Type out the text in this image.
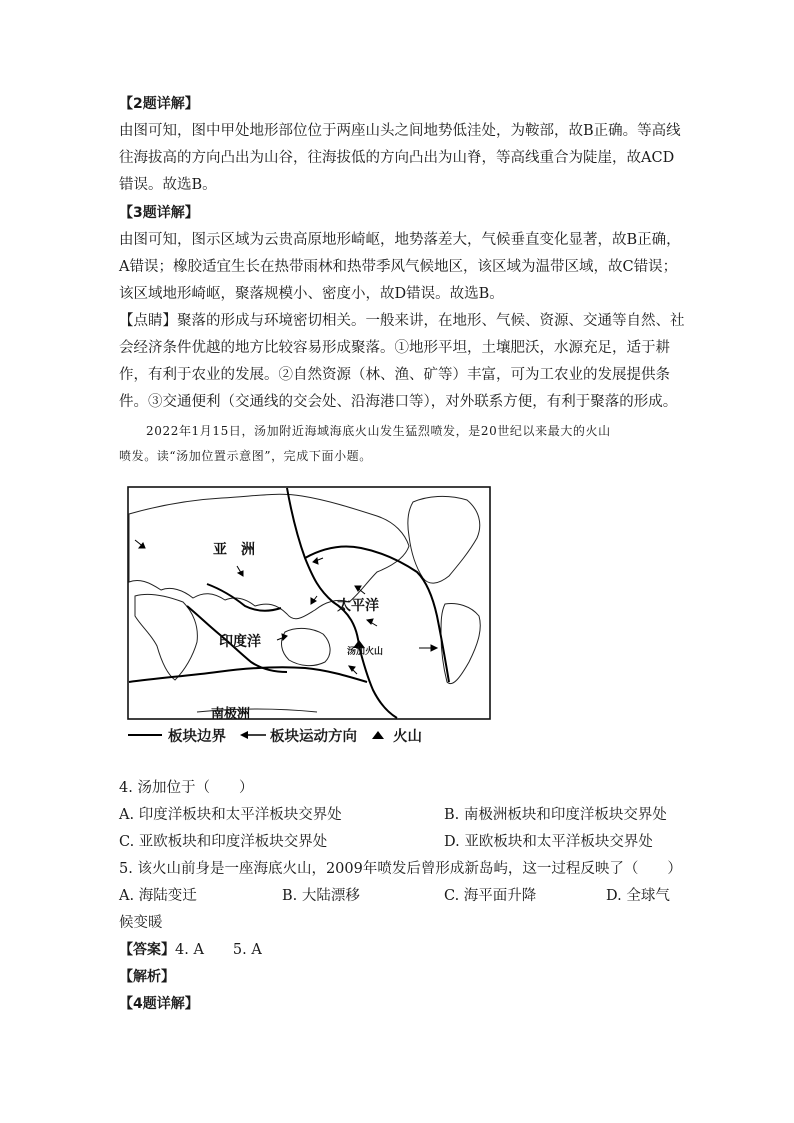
【2题详解】
由图可知，图中甲处地形部位位于两座山头之间地势低洼处，为鞍部，故B正确。等高线
往海拔高的方向凸出为山谷，往海拔低的方向凸出为山脊，等高线重合为陡崖，故ACD
错误。故选B。
【3题详解】
由图可知，图示区域为云贵高原地形崎岖，地势落差大，气候垂直变化显著，故B正确，
A错误；橡胶适宜生长在热带雨林和热带季风气候地区，该区域为温带区域，故C错误；
该区域地形崎岖，聚落规模小、密度小，故D错误。故选B。
【点睛】聚落的形成与环境密切相关。一般来讲，在地形、气候、资源、交通等自然、社
会经济条件优越的地方比较容易形成聚落。①地形平坦，土壤肥沃，水源充足，适于耕
作，有利于农业的发展。②自然资源（林、渔、矿等）丰富，可为工农业的发展提供条
件。③交通便利（交通线的交会处、沿海港口等），对外联系方便，有利于聚落的形成。
2022年1月15日，汤加附近海域海底火山发生猛烈喷发，是20世纪以来最大的火山
喷发。读“汤加位置示意图”，完成下面小题。
亚　洲
太平洋
印度洋
汤加火山
南极洲
板块边界	板块运动方向 火山
4. 汤加位于（　　）
A. 印度洋板块和太平洋板块交界处	B. 南极洲板块和印度洋板块交界处
C. 亚欧板块和印度洋板块交界处	D. 亚欧板块和太平洋板块交界处
5. 该火山前身是一座海底火山，2009年喷发后曾形成新岛屿，这一过程反映了（　　）
A. 海陆变迁	B. 大陆漂移	C. 海平面升降	D. 全球气
候变暖
【答案】4. A　　5. A
【解析】
【4题详解】
